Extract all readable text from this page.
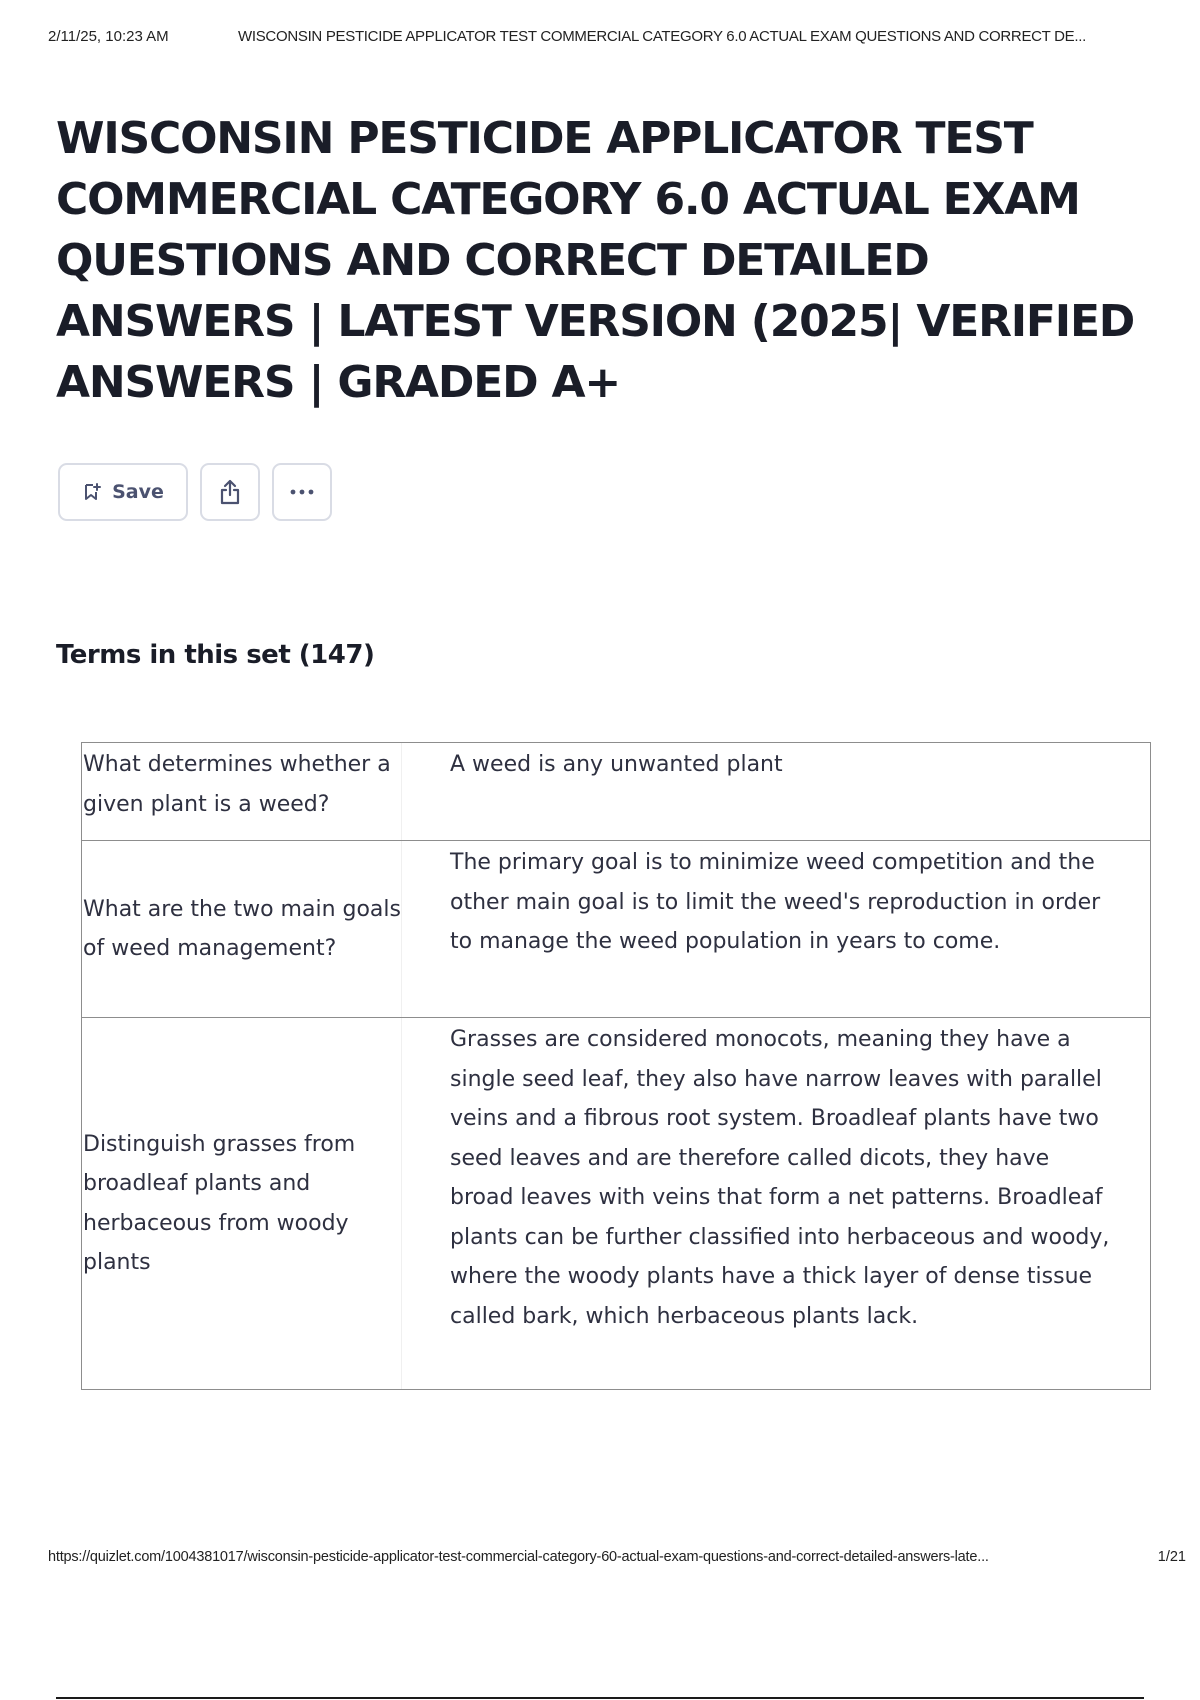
2/11/25, 10:23 AM	WISCONSIN PESTICIDE APPLICATOR TEST COMMERCIAL CATEGORY 6.0 ACTUAL EXAM QUESTIONS AND CORRECT DE...
WISCONSIN PESTICIDE APPLICATOR TEST COMMERCIAL CATEGORY 6.0 ACTUAL EXAM QUESTIONS AND CORRECT DETAILED ANSWERS | LATEST VERSION (2025| VERIFIED ANSWERS | GRADED A+
Save
Terms in this set (147)
What determines whether a given plant is a weed?
A weed is any unwanted plant
What are the two main goals of weed management?
The primary goal is to minimize weed competition and the other main goal is to limit the weed's reproduction in order to manage the weed population in years to come.
Distinguish grasses from broadleaf plants and herbaceous from woody plants
Grasses are considered monocots, meaning they have a single seed leaf, they also have narrow leaves with parallel veins and a fibrous root system. Broadleaf plants have two seed leaves and are therefore called dicots, they have broad leaves with veins that form a net patterns. Broadleaf plants can be further classified into herbaceous and woody, where the woody plants have a thick layer of dense tissue called bark, which herbaceous plants lack.
https://quizlet.com/1004381017/wisconsin-pesticide-applicator-test-commercial-category-60-actual-exam-questions-and-correct-detailed-answers-late...	1/21
